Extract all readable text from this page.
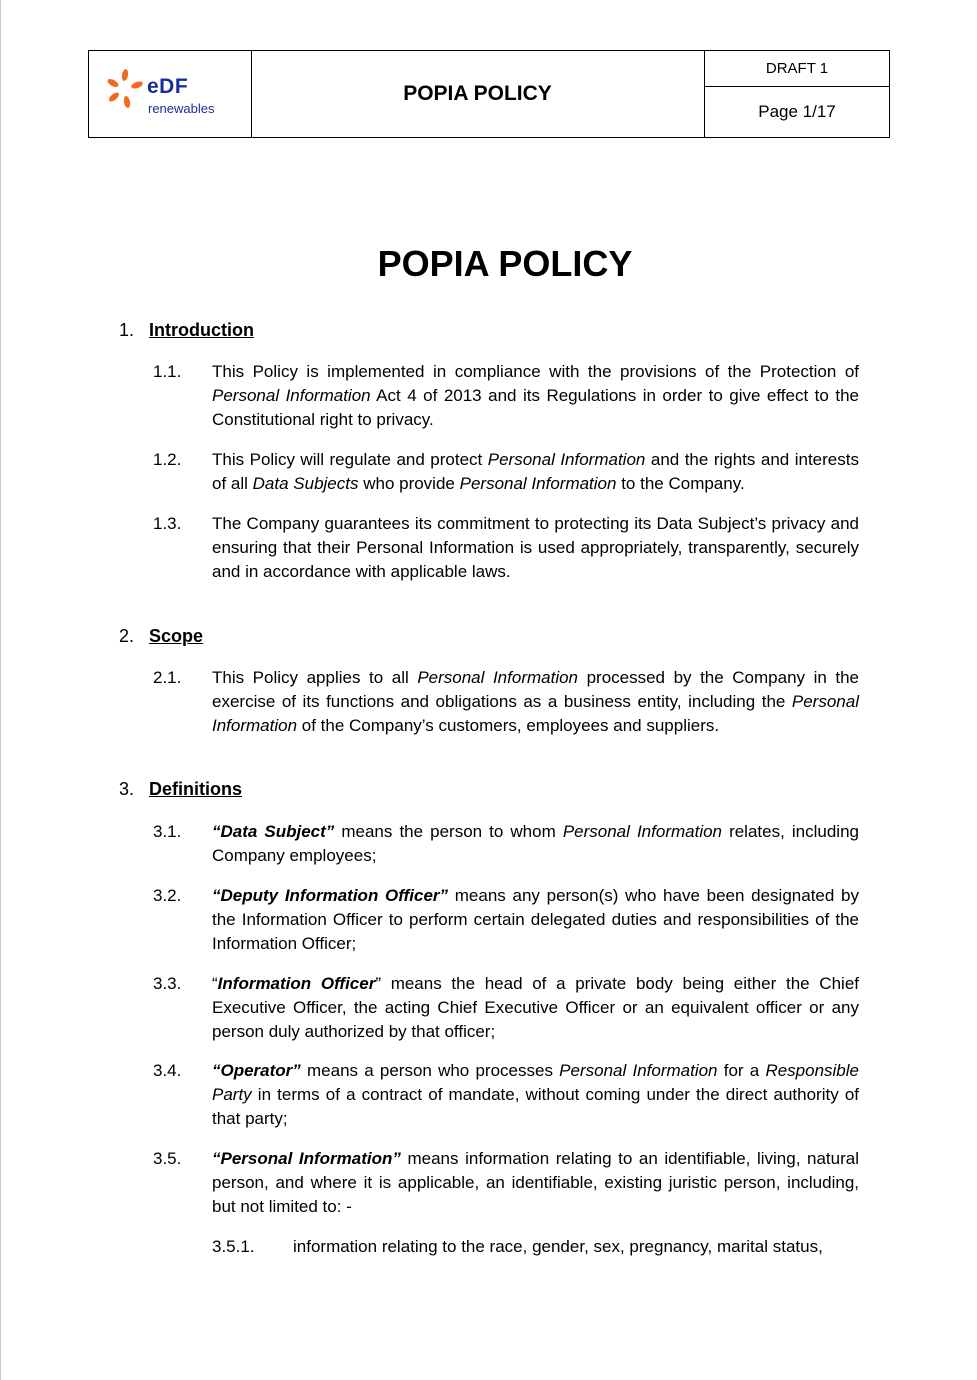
eDF
renewables
POPIA POLICY
DRAFT 1
Page 1/17
POPIA POLICY
1. Introduction
1.1. This Policy is implemented in compliance with the provisions of the Protection of Personal Information Act 4 of 2013 and its Regulations in order to give effect to the Constitutional right to privacy.
1.2. This Policy will regulate and protect Personal Information and the rights and interests of all Data Subjects who provide Personal Information to the Company.
1.3. The Company guarantees its commitment to protecting its Data Subject’s privacy and ensuring that their Personal Information is used appropriately, transparently, securely and in accordance with applicable laws.
2. Scope
2.1. This Policy applies to all Personal Information processed by the Company in the exercise of its functions and obligations as a business entity, including the Personal Information of the Company’s customers, employees and suppliers.
3. Definitions
3.1. “Data Subject” means the person to whom Personal Information relates, including Company employees;
3.2. “Deputy Information Officer” means any person(s) who have been designated by the Information Officer to perform certain delegated duties and responsibilities of the Information Officer;
3.3. “Information Officer” means the head of a private body being either the Chief Executive Officer, the acting Chief Executive Officer or an equivalent officer or any person duly authorized by that officer;
3.4. “Operator” means a person who processes Personal Information for a Responsible Party in terms of a contract of mandate, without coming under the direct authority of that party;
3.5. “Personal Information” means information relating to an identifiable, living, natural person, and where it is applicable, an identifiable, existing juristic person, including, but not limited to: -
3.5.1. information relating to the race, gender, sex, pregnancy, marital status,
